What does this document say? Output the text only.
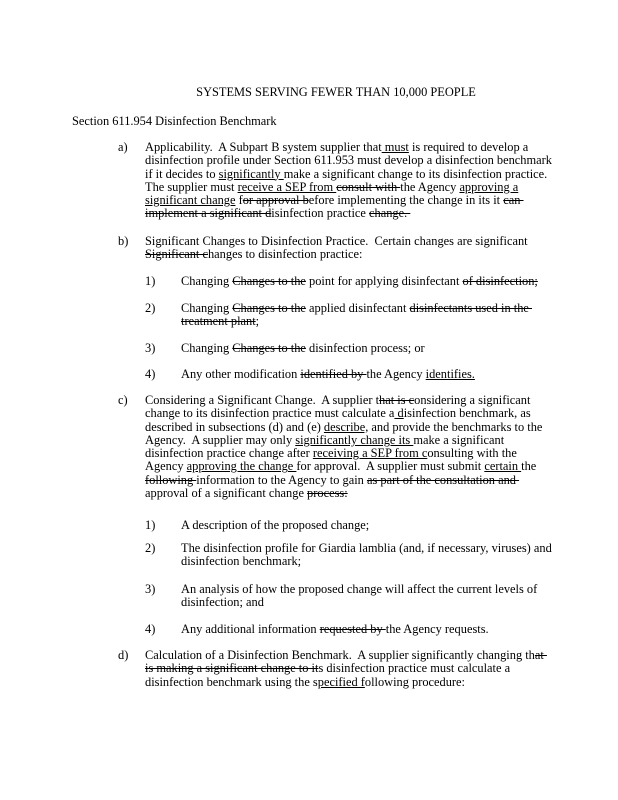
SYSTEMS SERVING FEWER THAN 10,000 PEOPLE
Section 611.954 Disinfection Benchmark
a) Applicability.  A Subpart B system supplier that must is required to develop a
disinfection profile under Section 611.953 must develop a disinfection benchmark
if it decides to significantly make a significant change to its disinfection practice.
The supplier must receive a SEP from consult with the Agency approving a
significant change for approval before implementing the change in its it can
implement a significant disinfection practice change.
b) Significant Changes to Disinfection Practice.  Certain changes are significant
Significant changes to disinfection practice:
1) Changing Changes to the point for applying disinfectant of disinfection;
2) Changing Changes to the applied disinfectant disinfectants used in the
treatment plant;
3) Changing Changes to the disinfection process; or
4) Any other modification identified by the Agency identifies.
c) Considering a Significant Change.  A supplier that is considering a significant
change to its disinfection practice must calculate a disinfection benchmark, as
described in subsections (d) and (e) describe, and provide the benchmarks to the
Agency.  A supplier may only significantly change its make a significant
disinfection practice change after receiving a SEP from consulting with the
Agency approving the change for approval.  A supplier must submit certain the
following information to the Agency to gain as part of the consultation and
approval of a significant change process:
1) A description of the proposed change;
2) The disinfection profile for Giardia lamblia (and, if necessary, viruses) and
disinfection benchmark;
3) An analysis of how the proposed change will affect the current levels of
disinfection; and
4) Any additional information requested by the Agency requests.
d) Calculation of a Disinfection Benchmark.  A supplier significantly changing that
is making a significant change to its disinfection practice must calculate a
disinfection benchmark using the specified following procedure:
